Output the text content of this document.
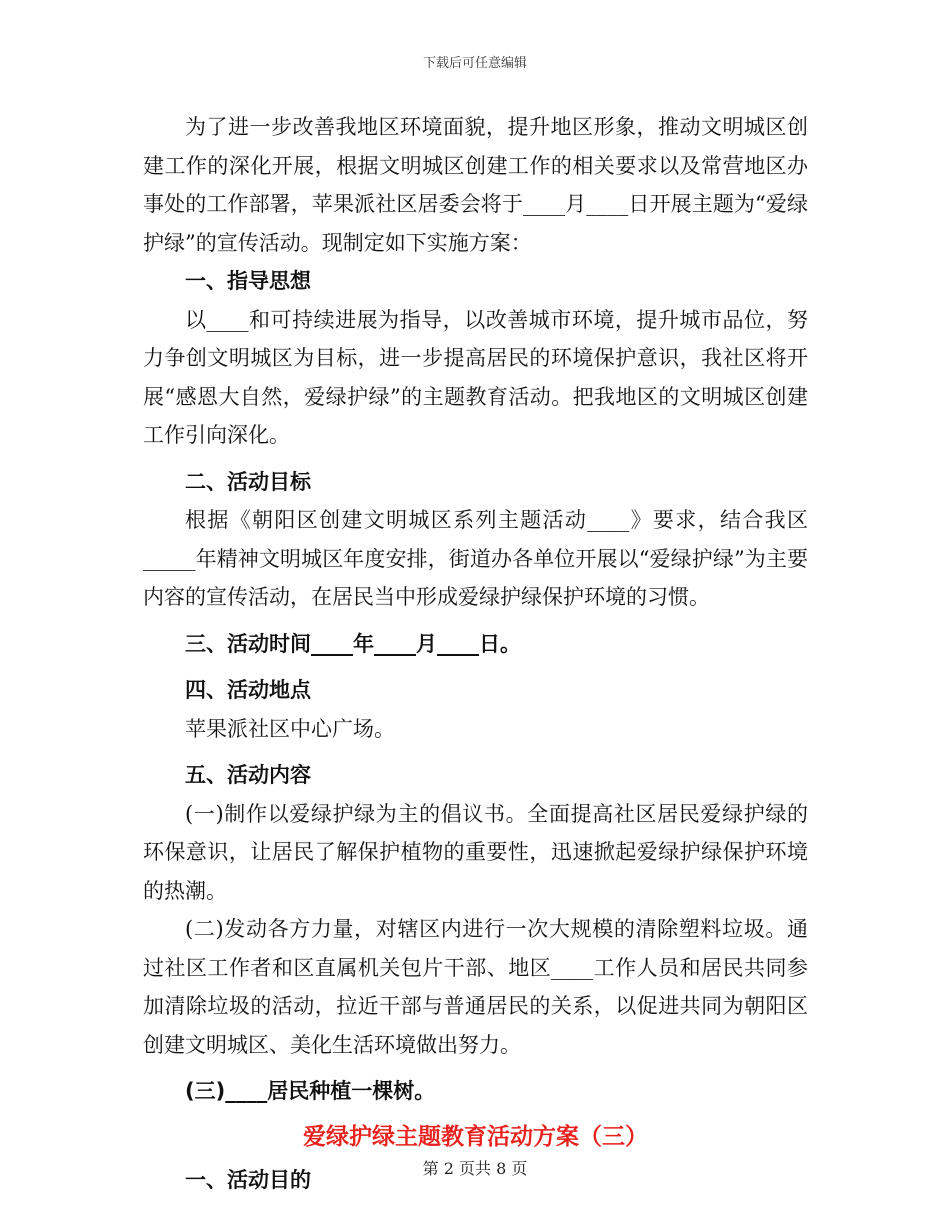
下载后可任意编辑

为了进一步改善我地区环境面貌，提升地区形象，推动文明城区创建工作的深化开展，根据文明城区创建工作的相关要求以及常营地区办事处的工作部署，苹果派社区居委会将于____月____日开展主题为“爱绿护绿”的宣传活动。现制定如下实施方案：

一、指导思想

以____和可持续进展为指导，以改善城市环境，提升城市品位，努力争创文明城区为目标，进一步提高居民的环境保护意识，我社区将开展“感恩大自然，爱绿护绿”的主题教育活动。把我地区的文明城区创建工作引向深化。

二、活动目标

根据《朝阳区创建文明城区系列主题活动____》要求，结合我区_____年精神文明城区年度安排，街道办各单位开展以“爱绿护绿”为主要内容的宣传活动，在居民当中形成爱绿护绿保护环境的习惯。

三、活动时间____年____月____日。

四、活动地点

苹果派社区中心广场。

五、活动内容

(一)制作以爱绿护绿为主的倡议书。全面提高社区居民爱绿护绿的环保意识，让居民了解保护植物的重要性，迅速掀起爱绿护绿保护环境的热潮。

(二)发动各方力量，对辖区内进行一次大规模的清除塑料垃圾。通过社区工作者和区直属机关包片干部、地区____工作人员和居民共同参加清除垃圾的活动，拉近干部与普通居民的关系，以促进共同为朝阳区创建文明城区、美化生活环境做出努力。

(三)____居民种植一棵树。

爱绿护绿主题教育活动方案（三）

一、活动目的	第 2 页共 8 页
